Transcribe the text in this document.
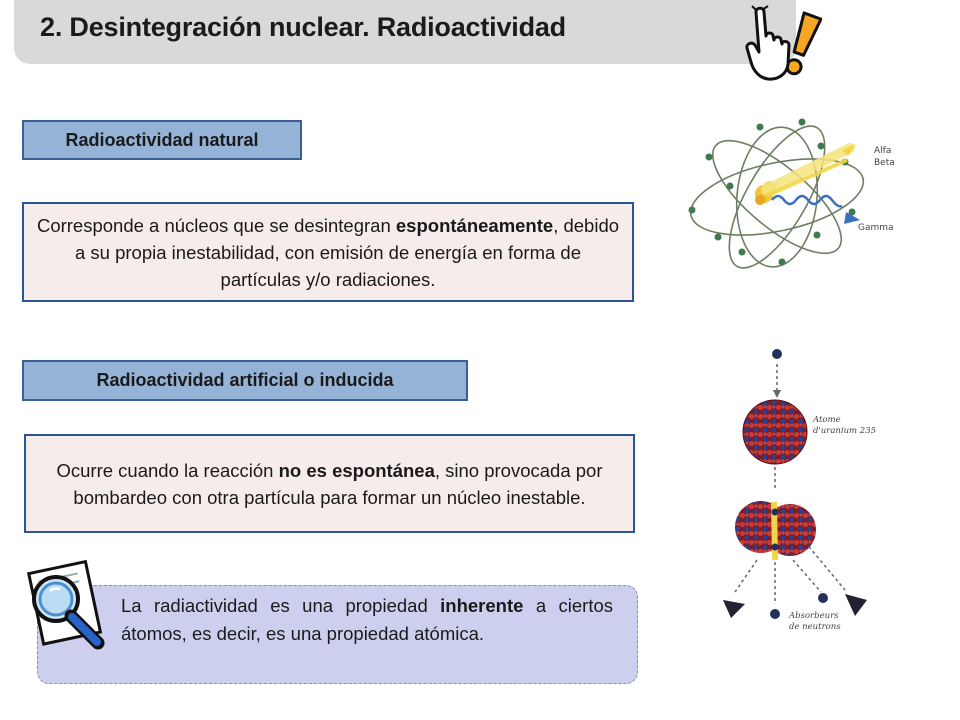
2. Desintegración nuclear. Radioactividad
Radioactividad natural
Corresponde a núcleos que se desintegran espontáneamente, debido a su propia inestabilidad, con emisión de energía en forma de partículas y/o radiaciones.
Radioactividad artificial o inducida
Ocurre cuando la reacción no es espontánea, sino provocada por bombardeo con otra partícula para formar un núcleo inestable.
La radiactividad es una propiedad inherente a ciertos átomos, es decir, es una propiedad atómica.
Alfa
Beta
Gamma
Atome
d'uranium 235
Absorbeurs
de neutrons
